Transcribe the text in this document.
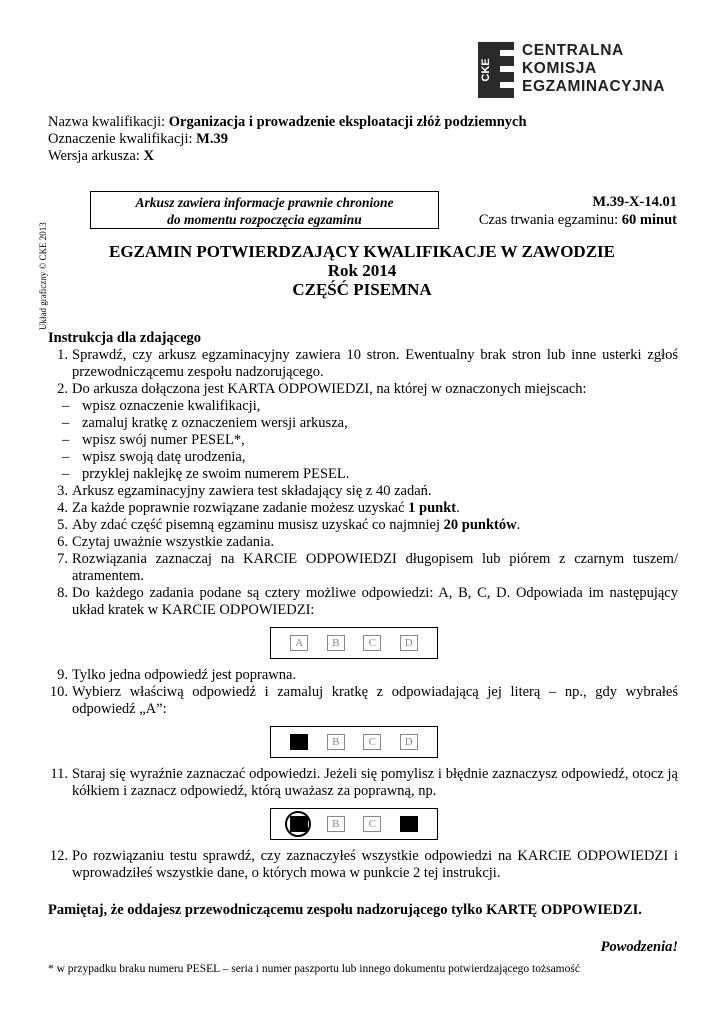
CKE
CENTRALNA
KOMISJA
EGZAMINACYJNA
Nazwa kwalifikacji: Organizacja i prowadzenie eksploatacji złóż podziemnych
Oznaczenie kwalifikacji: M.39
Wersja arkusza: X
Układ graficzny © CKE 2013
Arkusz zawiera informacje prawnie chronione
do momentu rozpoczęcia egzaminu
M.39-X-14.01
Czas trwania egzaminu: 60 minut
EGZAMIN POTWIERDZAJĄCY KWALIFIKACJE W ZAWODZIE
Rok 2014
CZĘŚĆ PISEMNA
Instrukcja dla zdającego
1. Sprawdź, czy arkusz egzaminacyjny zawiera 10 stron. Ewentualny brak stron lub inne usterki zgłoś przewodniczącemu zespołu nadzorującego.
2. Do arkusza dołączona jest KARTA ODPOWIEDZI, na której w oznaczonych miejscach:
– wpisz oznaczenie kwalifikacji,
– zamaluj kratkę z oznaczeniem wersji arkusza,
– wpisz swój numer PESEL*,
– wpisz swoją datę urodzenia,
– przyklej naklejkę ze swoim numerem PESEL.
3. Arkusz egzaminacyjny zawiera test składający się z 40 zadań.
4. Za każde poprawnie rozwiązane zadanie możesz uzyskać 1 punkt.
5. Aby zdać część pisemną egzaminu musisz uzyskać co najmniej 20 punktów.
6. Czytaj uważnie wszystkie zadania.
7. Rozwiązania zaznaczaj na KARCIE ODPOWIEDZI długopisem lub piórem z czarnym tuszem/ atramentem.
8. Do każdego zadania podane są cztery możliwe odpowiedzi: A, B, C, D. Odpowiada im następujący układ kratek w KARCIE ODPOWIEDZI:
A	B	C	D
9. Tylko jedna odpowiedź jest poprawna.
10. Wybierz właściwą odpowiedź i zamaluj kratkę z odpowiadającą jej literą – np., gdy wybrałeś odpowiedź „A”:
B	C	D
11. Staraj się wyraźnie zaznaczać odpowiedzi. Jeżeli się pomylisz i błędnie zaznaczysz odpowiedź, otocz ją kółkiem i zaznacz odpowiedź, którą uważasz za poprawną, np.
B	C
12. Po rozwiązaniu testu sprawdź, czy zaznaczyłeś wszystkie odpowiedzi na KARCIE ODPOWIEDZI i wprowadziłeś wszystkie dane, o których mowa w punkcie 2 tej instrukcji.
Pamiętaj, że oddajesz przewodniczącemu zespołu nadzorującego tylko KARTĘ ODPOWIEDZI.
Powodzenia!
* w przypadku braku numeru PESEL – seria i numer paszportu lub innego dokumentu potwierdzającego tożsamość
